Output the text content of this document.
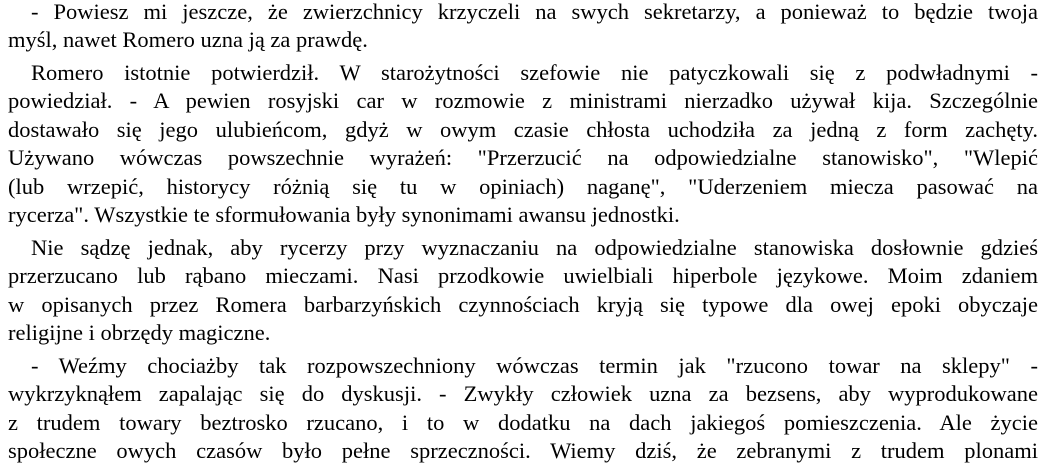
- Powiesz mi jeszcze, że zwierzchnicy krzyczeli na swych sekretarzy, a ponieważ to będzie twoja
myśl, nawet Romero uzna ją za prawdę.
Romero istotnie potwierdził. W starożytności szefowie nie patyczkowali się z podwładnymi -
powiedział. - A pewien rosyjski car w rozmowie z ministrami nierzadko używał kija. Szczególnie
dostawało się jego ulubieńcom, gdyż w owym czasie chłosta uchodziła za jedną z form zachęty.
Używano wówczas powszechnie wyrażeń: "Przerzucić na odpowiedzialne stanowisko", "Wlepić
(lub wrzepić, historycy różnią się tu w opiniach) naganę", "Uderzeniem miecza pasować na
rycerza". Wszystkie te sformułowania były synonimami awansu jednostki.
Nie sądzę jednak, aby rycerzy przy wyznaczaniu na odpowiedzialne stanowiska dosłownie gdzieś
przerzucano lub rąbano mieczami. Nasi przodkowie uwielbiali hiperbole językowe. Moim zdaniem
w opisanych przez Romera barbarzyńskich czynnościach kryją się typowe dla owej epoki obyczaje
religijne i obrzędy magiczne.
- Weźmy chociażby tak rozpowszechniony wówczas termin jak "rzucono towar na sklepy" -
wykrzyknąłem zapalając się do dyskusji. - Zwykły człowiek uzna za bezsens, aby wyprodukowane
z trudem towary beztrosko rzucano, i to w dodatku na dach jakiegoś pomieszczenia. Ale życie
społeczne owych czasów było pełne sprzeczności. Wiemy dziś, że zebranymi z trudem plonami
